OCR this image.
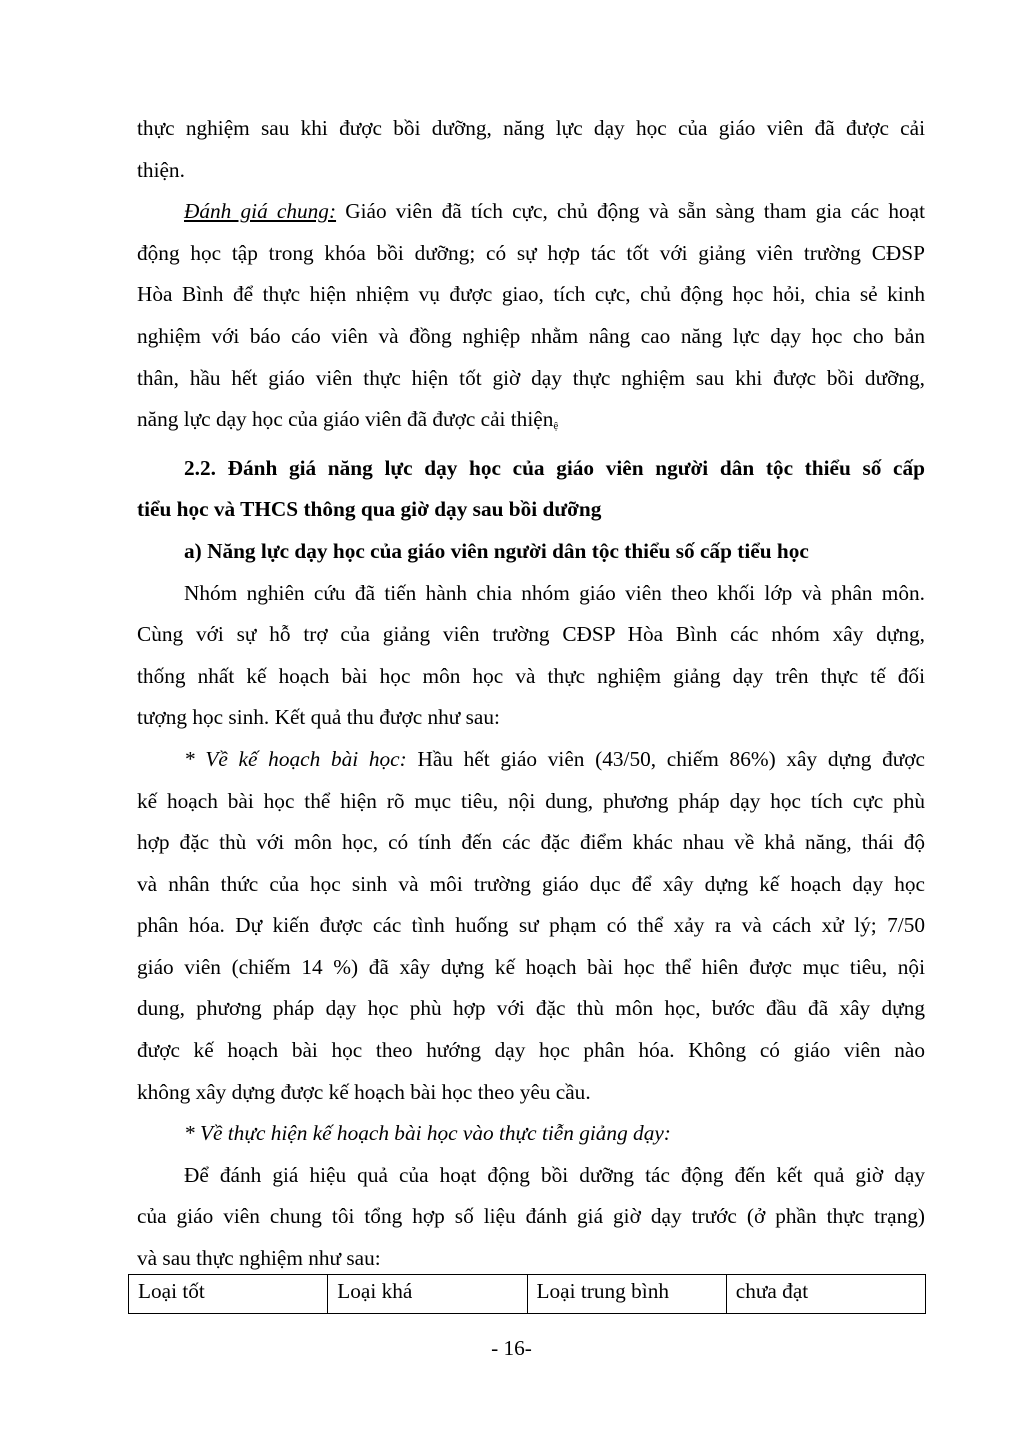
thực nghiệm sau khi được bồi dưỡng, năng lực dạy học của giáo viên đã được cải
thiện.

Đánh giá chung: Giáo viên đã tích cực, chủ động và sẵn sàng tham gia các hoạt
động học tập trong khóa bồi dưỡng; có sự hợp tác tốt với giảng viên trường CĐSP
Hòa Bình để thực hiện nhiệm vụ được giao, tích cực, chủ động học hỏi, chia sẻ kinh
nghiệm với báo cáo viên và đồng nghiệp nhằm nâng cao năng lực dạy học cho bản
thân, hầu hết giáo viên thực hiện tốt giờ dạy thực nghiệm sau khi được bồi dưỡng,
năng lực dạy học của giáo viên đã được cải thiện$_ệ$

2.2. Đánh giá năng lực dạy học của giáo viên người dân tộc thiểu số cấp
tiểu học và THCS thông qua giờ dạy sau bồi dưỡng

a) Năng lực dạy học của giáo viên người dân tộc thiểu số cấp tiểu học

Nhóm nghiên cứu đã tiến hành chia nhóm giáo viên theo khối lớp và phân môn.
Cùng với sự hỗ trợ của giảng viên trường CĐSP Hòa Bình các nhóm xây dựng,
thống nhất kế hoạch bài học môn học và thực nghiệm giảng dạy trên thực tế đối
tượng học sinh. Kết quả thu được như sau:

* Về kế hoạch bài học: Hầu hết giáo viên (43/50, chiếm 86%) xây dựng được
kế hoạch bài học thể hiện rõ mục tiêu, nội dung, phương pháp dạy học tích cực phù
hợp đặc thù với môn học, có tính đến các đặc điểm khác nhau về khả năng, thái độ
và nhân thức của học sinh và môi trường giáo dục để xây dựng kế hoạch dạy học
phân hóa. Dự kiến được các tình huống sư phạm có thể xảy ra và cách xử lý; 7/50
giáo viên (chiếm 14 %) đã xây dựng kế hoạch bài học thể hiên được mục tiêu, nội
dung, phương pháp dạy học phù hợp với đặc thù môn học, bước đầu đã xây dựng
được kế hoạch bài học theo hướng dạy học phân hóa. Không có giáo viên nào
không xây dựng được kế hoạch bài học theo yêu cầu.

* Về thực hiện kế hoạch bài học vào thực tiễn giảng dạy:

Để đánh giá hiệu quả của hoạt động bồi dưỡng tác động đến kết quả giờ dạy
của giáo viên chung tôi tổng hợp số liệu đánh giá giờ dạy trước (ở phần thực trạng)
và sau thực nghiệm như sau:

Loại tốt	Loại khá	Loại trung bình	chưa đạt
- 16-
